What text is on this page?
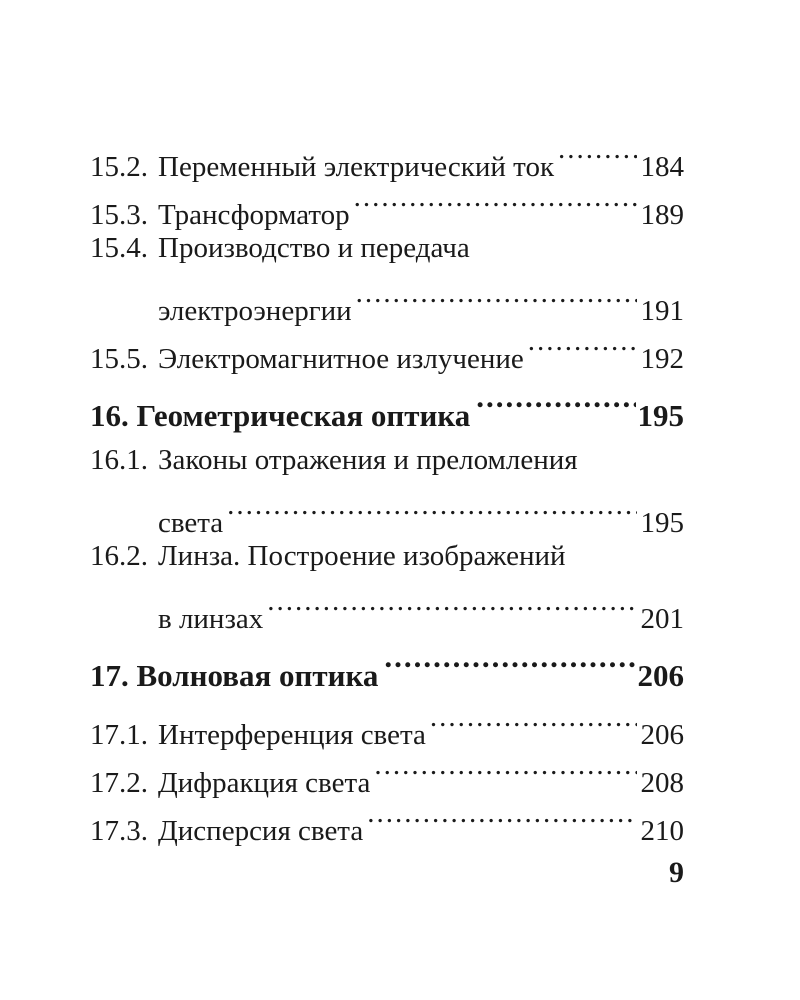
15.2. Переменный электрический ток .....	184
15.3. Трансформатор .....	189
15.4. Производство и передача
электроэнергии .....	191
15.5. Электромагнитное излучение .....	192
16. Геометрическая оптика .....	195
16.1. Законы отражения и преломления
света .....	195
16.2. Линза. Построение изображений
в линзах .....	201
17. Волновая оптика .....	206
17.1. Интерференция света .....	206
17.2. Дифракция света .....	208
17.3. Дисперсия света .....	210
9
